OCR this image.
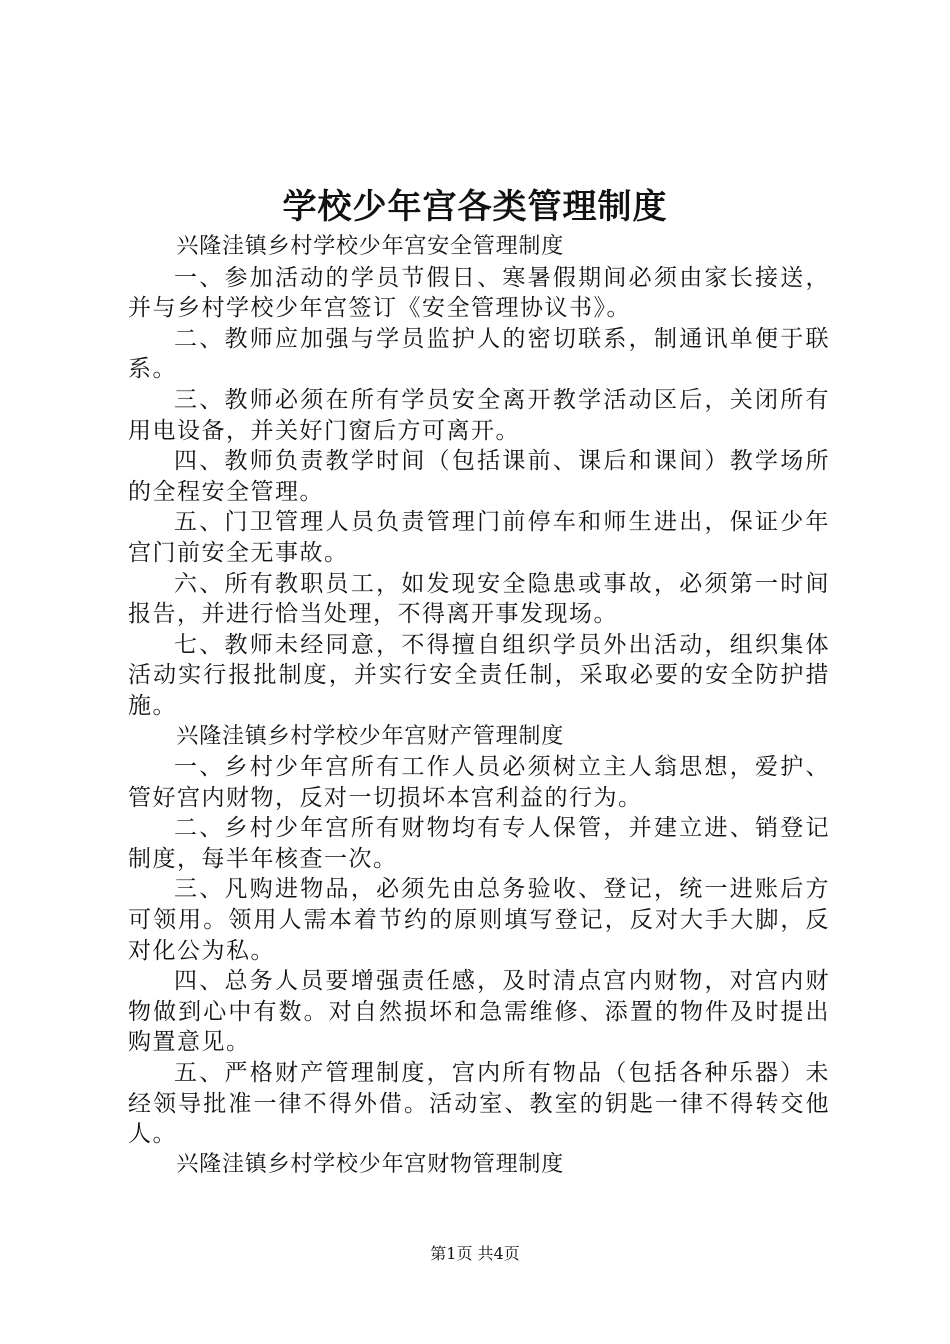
学校少年宫各类管理制度

兴隆洼镇乡村学校少年宫安全管理制度

一、参加活动的学员节假日、寒暑假期间必须由家长接送，并与乡村学校少年宫签订《安全管理协议书》。

二、教师应加强与学员监护人的密切联系，制通讯单便于联系。

三、教师必须在所有学员安全离开教学活动区后，关闭所有用电设备，并关好门窗后方可离开。

四、教师负责教学时间（包括课前、课后和课间）教学场所的全程安全管理。

五、门卫管理人员负责管理门前停车和师生进出，保证少年宫门前安全无事故。

六、所有教职员工，如发现安全隐患或事故，必须第一时间报告，并进行恰当处理，不得离开事发现场。

七、教师未经同意，不得擅自组织学员外出活动，组织集体活动实行报批制度，并实行安全责任制，采取必要的安全防护措施。

兴隆洼镇乡村学校少年宫财产管理制度

一、乡村少年宫所有工作人员必须树立主人翁思想，爱护、管好宫内财物，反对一切损坏本宫利益的行为。

二、乡村少年宫所有财物均有专人保管，并建立进、销登记制度，每半年核查一次。

三、凡购进物品，必须先由总务验收、登记，统一进账后方可领用。领用人需本着节约的原则填写登记，反对大手大脚，反对化公为私。

四、总务人员要增强责任感，及时清点宫内财物，对宫内财物做到心中有数。对自然损坏和急需维修、添置的物件及时提出购置意见。

五、严格财产管理制度，宫内所有物品（包括各种乐器）未经领导批准一律不得外借。活动室、教室的钥匙一律不得转交他人。

兴隆洼镇乡村学校少年宫财物管理制度

第1页 共4页
